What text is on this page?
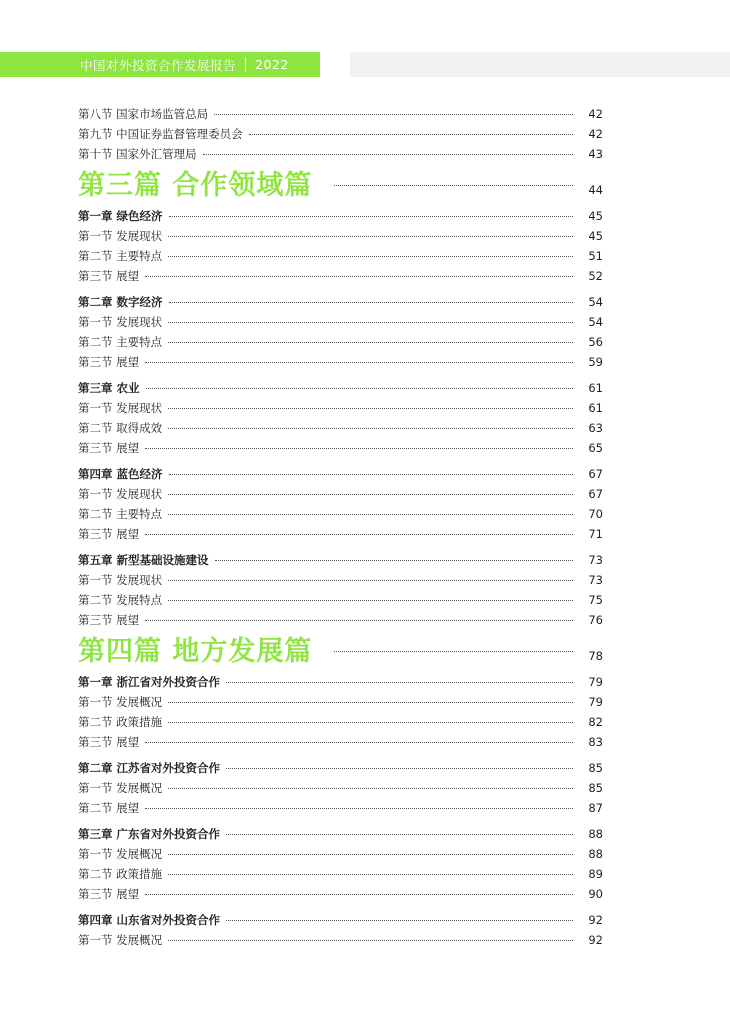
中国对外投资合作发展报告 2022
第八节 国家市场监管总局	42
第九节 中国证券监督管理委员会	42
第十节 国家外汇管理局	43
第三篇 合作领域篇	44
第一章 绿色经济	45
第一节 发展现状	45
第二节 主要特点	51
第三节 展望	52
第二章 数字经济	54
第一节 发展现状	54
第二节 主要特点	56
第三节 展望	59
第三章 农业	61
第一节 发展现状	61
第二节 取得成效	63
第三节 展望	65
第四章 蓝色经济	67
第一节 发展现状	67
第二节 主要特点	70
第三节 展望	71
第五章 新型基础设施建设	73
第一节 发展现状	73
第二节 发展特点	75
第三节 展望	76
第四篇 地方发展篇	78
第一章 浙江省对外投资合作	79
第一节 发展概况	79
第二节 政策措施	82
第三节 展望	83
第二章 江苏省对外投资合作	85
第一节 发展概况	85
第二节 展望	87
第三章 广东省对外投资合作	88
第一节 发展概况	88
第二节 政策措施	89
第三节 展望	90
第四章 山东省对外投资合作	92
第一节 发展概况	92
